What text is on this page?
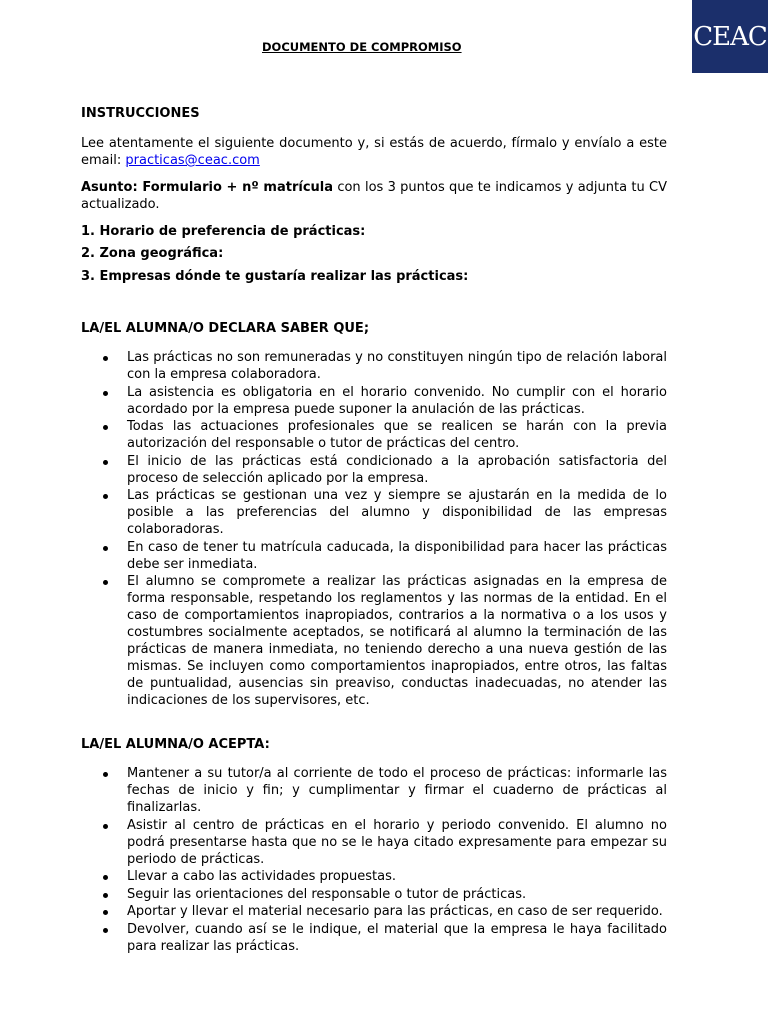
CEAC

DOCUMENTO DE COMPROMISO

INSTRUCCIONES

Lee atentamente el siguiente documento y, si estás de acuerdo, fírmalo y envíalo a este email: practicas@ceac.com

Asunto: Formulario + nº matrícula con los 3 puntos que te indicamos y adjunta tu CV actualizado.

1. Horario de preferencia de prácticas:

2. Zona geográfica:

3. Empresas dónde te gustaría realizar las prácticas:

LA/EL ALUMNA/O DECLARA SABER QUE;

Las prácticas no son remuneradas y no constituyen ningún tipo de relación laboral con la empresa colaboradora.
La asistencia es obligatoria en el horario convenido. No cumplir con el horario acordado por la empresa puede suponer la anulación de las prácticas.
Todas las actuaciones profesionales que se realicen se harán con la previa autorización del responsable o tutor de prácticas del centro.
El inicio de las prácticas está condicionado a la aprobación satisfactoria del proceso de selección aplicado por la empresa.
Las prácticas se gestionan una vez y siempre se ajustarán en la medida de lo posible a las preferencias del alumno y disponibilidad de las empresas colaboradoras.
En caso de tener tu matrícula caducada, la disponibilidad para hacer las prácticas debe ser inmediata.
El alumno se compromete a realizar las prácticas asignadas en la empresa de forma responsable, respetando los reglamentos y las normas de la entidad. En el caso de comportamientos inapropiados, contrarios a la normativa o a los usos y costumbres socialmente aceptados, se notificará al alumno la terminación de las prácticas de manera inmediata, no teniendo derecho a una nueva gestión de las mismas. Se incluyen como comportamientos inapropiados, entre otros, las faltas de puntualidad, ausencias sin preaviso, conductas inadecuadas, no atender las indicaciones de los supervisores, etc.

LA/EL ALUMNA/O ACEPTA:

Mantener a su tutor/a al corriente de todo el proceso de prácticas: informarle las fechas de inicio y fin; y cumplimentar y firmar el cuaderno de prácticas al finalizarlas.
Asistir al centro de prácticas en el horario y periodo convenido. El alumno no podrá presentarse hasta que no se le haya citado expresamente para empezar su periodo de prácticas.
Llevar a cabo las actividades propuestas.
Seguir las orientaciones del responsable o tutor de prácticas.
Aportar y llevar el material necesario para las prácticas, en caso de ser requerido.
Devolver, cuando así se le indique, el material que la empresa le haya facilitado para realizar las prácticas.
